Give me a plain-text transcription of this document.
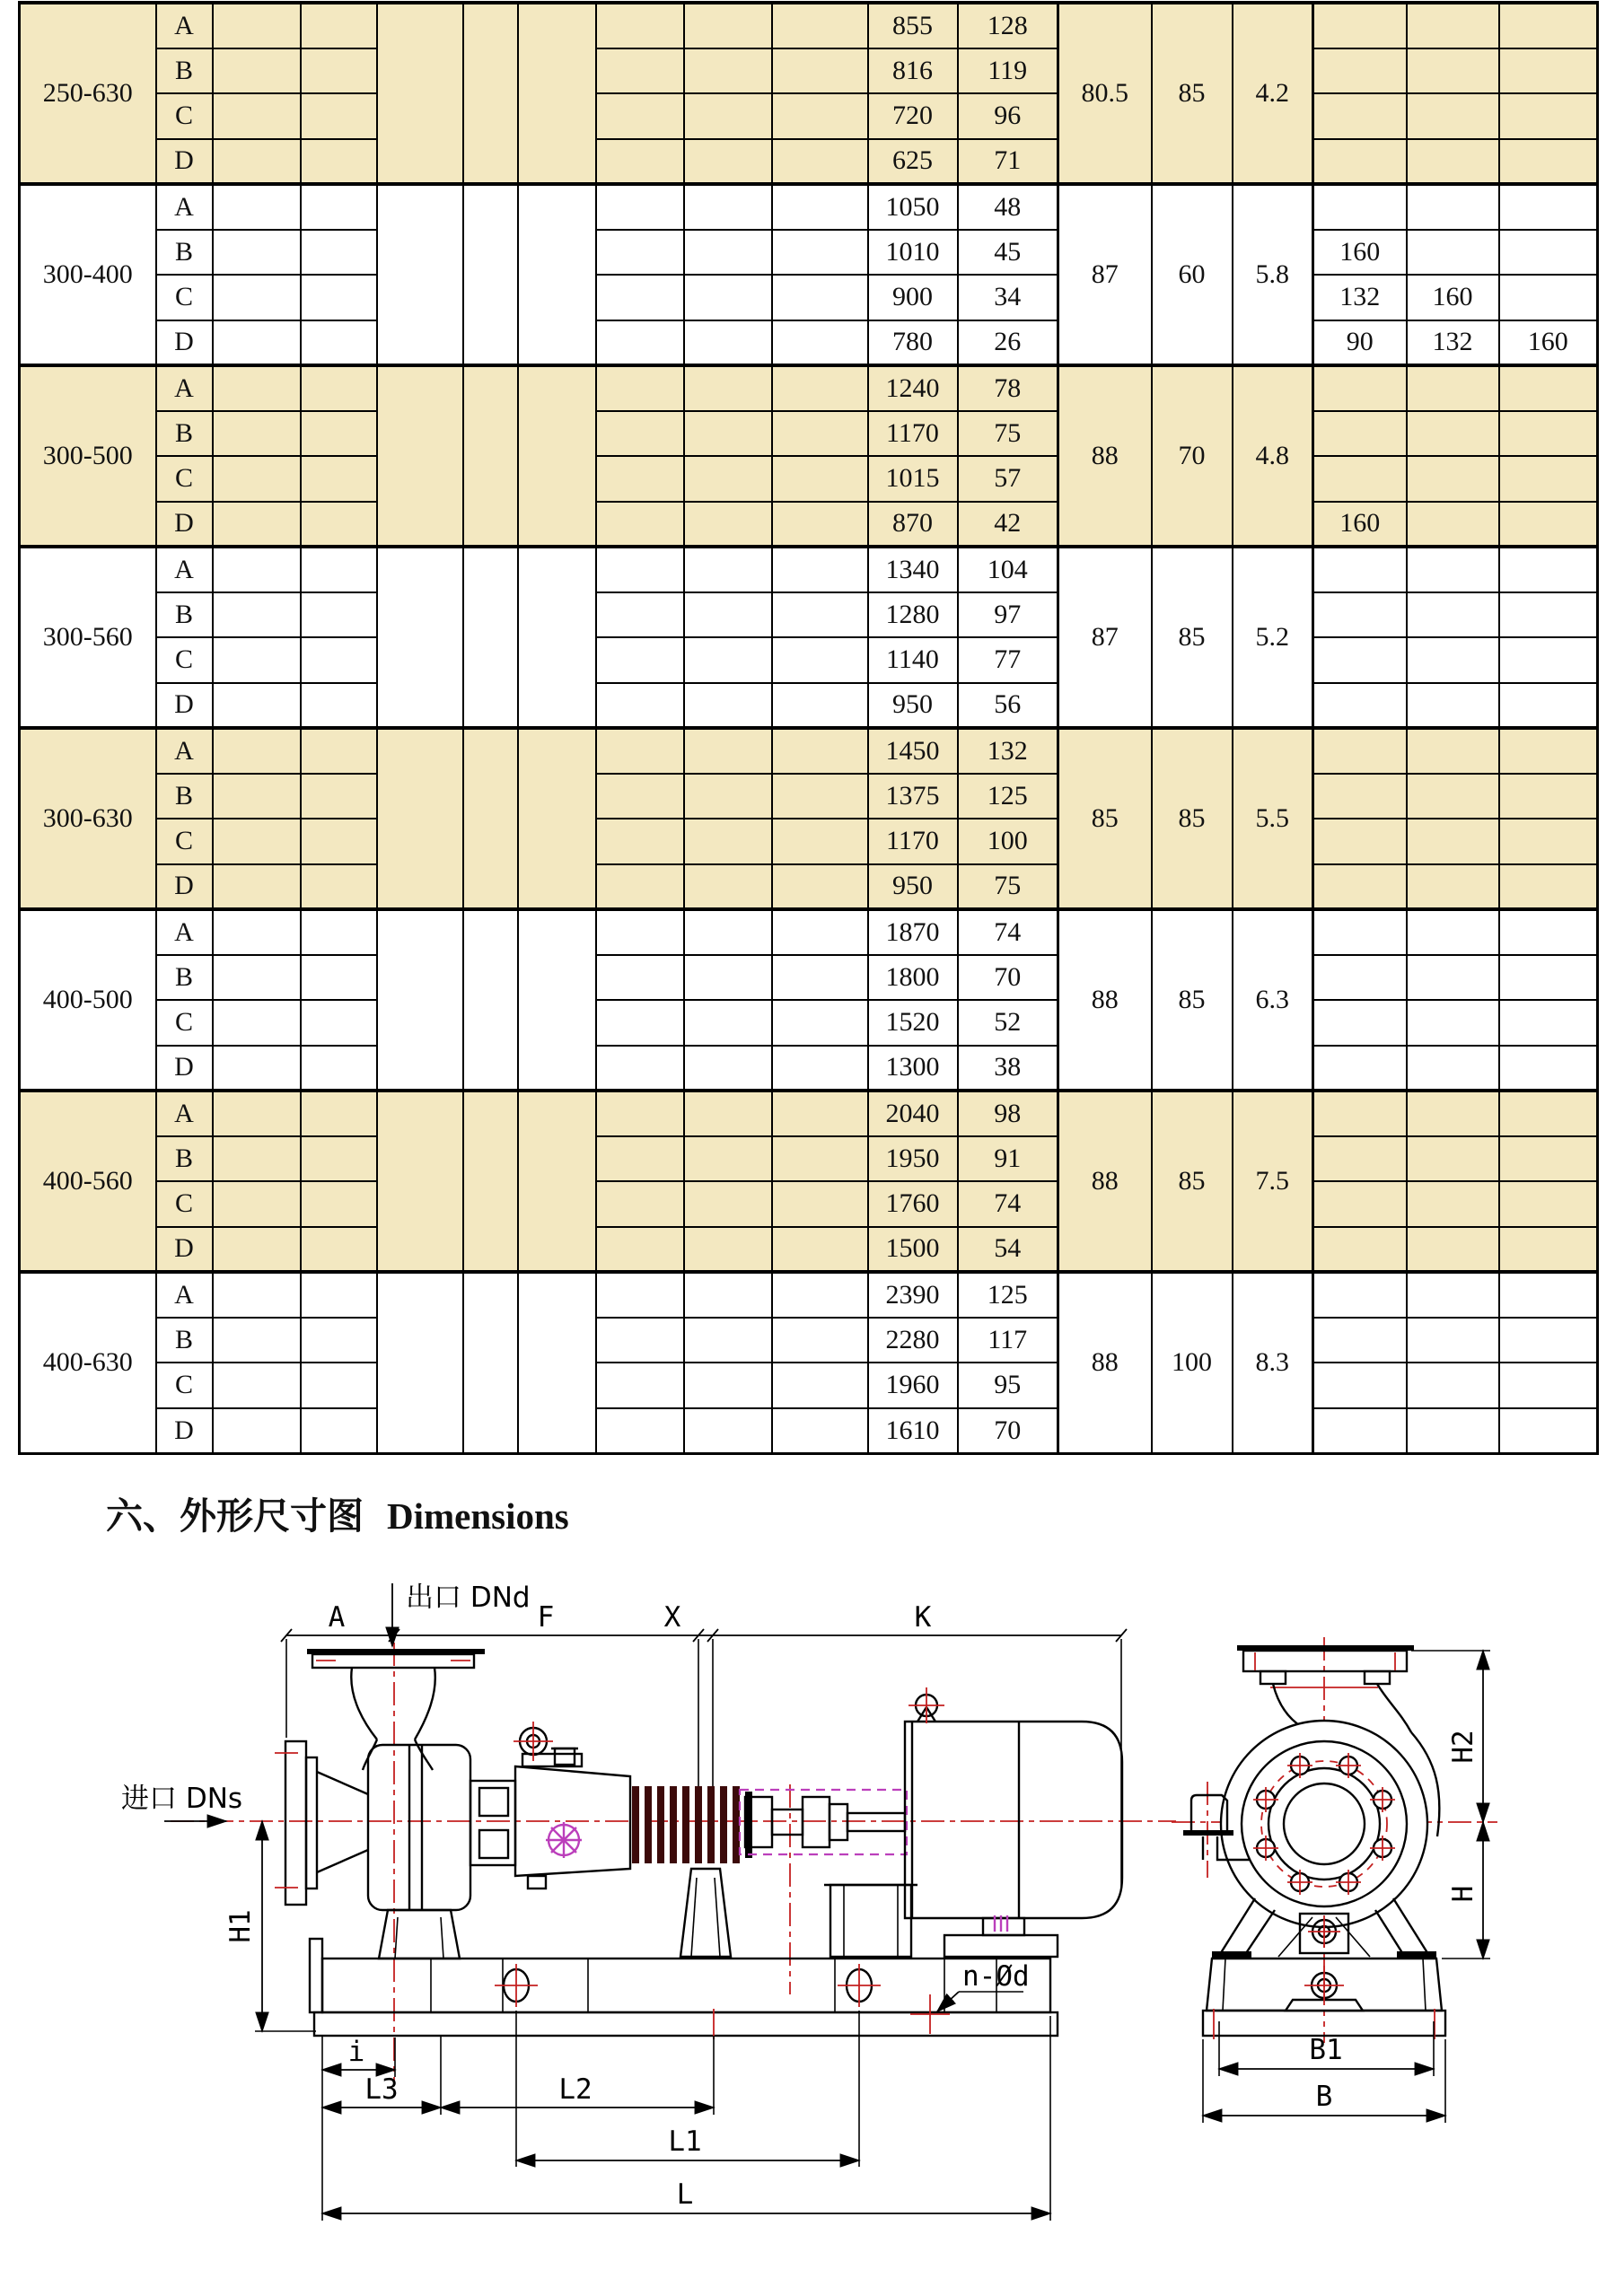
250-630	A									855	128	80.5	85	4.2			
	B									816	119						
	C									720	96						
	D									625	71						
300-400	A									1050	48	87	60	5.8			
	B									1010	45				160		
	C									900	34				132	160	
	D									780	26				90	132	160
300-500	A									1240	78	88	70	4.8			
	B									1170	75						
	C									1015	57						
	D									870	42				160		
300-560	A									1340	104	87	85	5.2			
	B									1280	97						
	C									1140	77						
	D									950	56						
300-630	A									1450	132	85	85	5.5			
	B									1375	125						
	C									1170	100						
	D									950	75						
400-500	A									1870	74	88	85	6.3			
	B									1800	70						
	C									1520	52						
	D									1300	38						
400-560	A									2040	98	88	85	7.5			
	B									1950	91						
	C									1760	74						
	D									1500	54						
400-630	A									2390	125	88	100	8.3			
	B									2280	117						
	C									1960	95						
	D									1610	70						
六、外形尺寸图 Dimensions
A	F	X	K
出口 DNd
进口 DNs
n-Ød
i
L3	L2
L1
L
H1
H2
H
B1
B
